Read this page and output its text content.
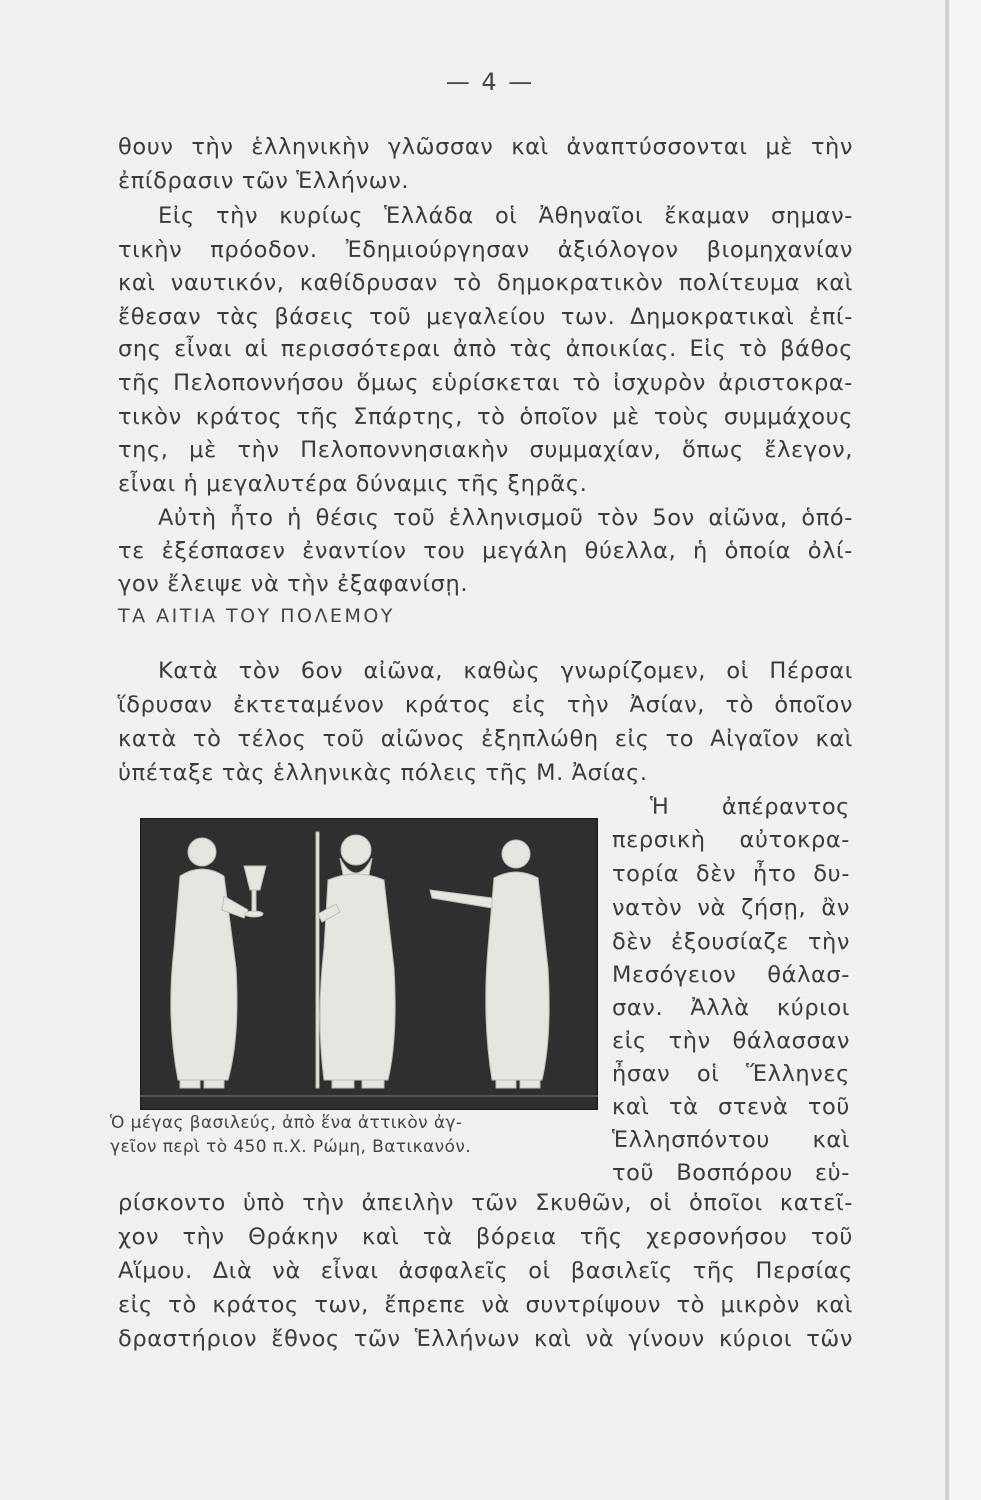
— 4 —
θουν τὴν ἑλληνικὴν γλῶσσαν καὶ ἀναπτύσσονται μὲ τὴν
ἐπίδρασιν τῶν Ἑλλήνων.
Εἰς τὴν κυρίως Ἑλλάδα οἱ Ἀθηναῖοι ἔκαμαν σημαν-
τικὴν πρόοδον. Ἐδημιούργησαν ἀξιόλογον βιομηχανίαν
καὶ ναυτικόν, καθίδρυσαν τὸ δημοκρατικὸν πολίτευμα καὶ
ἔθεσαν τὰς βάσεις τοῦ μεγαλείου των. Δημοκρατικαὶ ἐπί-
σης εἶναι αἱ περισσότεραι ἀπὸ τὰς ἀποικίας. Εἰς τὸ βάθος
τῆς Πελοποννήσου ὅμως εὑρίσκεται τὸ ἰσχυρὸν ἀριστοκρα-
τικὸν κράτος τῆς Σπάρτης, τὸ ὁποῖον μὲ τοὺς συμμάχους
της, μὲ τὴν Πελοποννησιακὴν συμμαχίαν, ὅπως ἔλεγον,
εἶναι ἡ μεγαλυτέρα δύναμις τῆς ξηρᾶς.
Αὐτὴ ἦτο ἡ θέσις τοῦ ἑλληνισμοῦ τὸν 5ον αἰῶνα, ὁπό-
τε ἐξέσπασεν ἐναντίον του μεγάλη θύελλα, ἡ ὁποία ὀλί-
γον ἔλειψε νὰ τὴν ἐξαφανίσῃ.
ΤΑ ΑΙΤΙΑ ΤΟΥ ΠΟΛΕΜΟΥ
Κατὰ τὸν 6ον αἰῶνα, καθὼς γνωρίζομεν, οἱ Πέρσαι
ἵδρυσαν ἐκτεταμένον κράτος εἰς τὴν Ἀσίαν, τὸ ὁποῖον
κατὰ τὸ τέλος τοῦ αἰῶνος ἐξηπλώθη εἰς το Αἰγαῖον καὶ
ὑπέταξε τὰς ἑλληνικὰς πόλεις τῆς Μ. Ἀσίας.
Ἡ ἀπέραντος
περσικὴ αὐτοκρα-
τορία δὲν ἦτο δυ-
νατὸν νὰ ζήσῃ, ἂν
δὲν ἐξουσίαζε τὴν
Μεσόγειον θάλασ-
σαν. Ἀλλὰ κύριοι
εἰς τὴν θάλασσαν
ἦσαν οἱ Ἕλληνες
καὶ τὰ στενὰ τοῦ
Ἑλλησπόντου καὶ
τοῦ Βοσπόρου εὑ-
Ὁ μέγας βασιλεύς, ἀπὸ ἕνα ἀττικὸν ἀγ-
γεῖον περὶ τὸ 450 π.Χ. Ρώμη, Βατικανόν.
ρίσκοντο ὑπὸ τὴν ἀπειλὴν τῶν Σκυθῶν, οἱ ὁποῖοι κατεῖ-
χον τὴν Θράκην καὶ τὰ βόρεια τῆς χερσονήσου τοῦ
Αἵμου. Διὰ νὰ εἶναι ἀσφαλεῖς οἱ βασιλεῖς τῆς Περσίας
εἰς τὸ κράτος των, ἔπρεπε νὰ συντρίψουν τὸ μικρὸν καὶ
δραστήριον ἔθνος τῶν Ἑλλήνων καὶ νὰ γίνουν κύριοι τῶν
